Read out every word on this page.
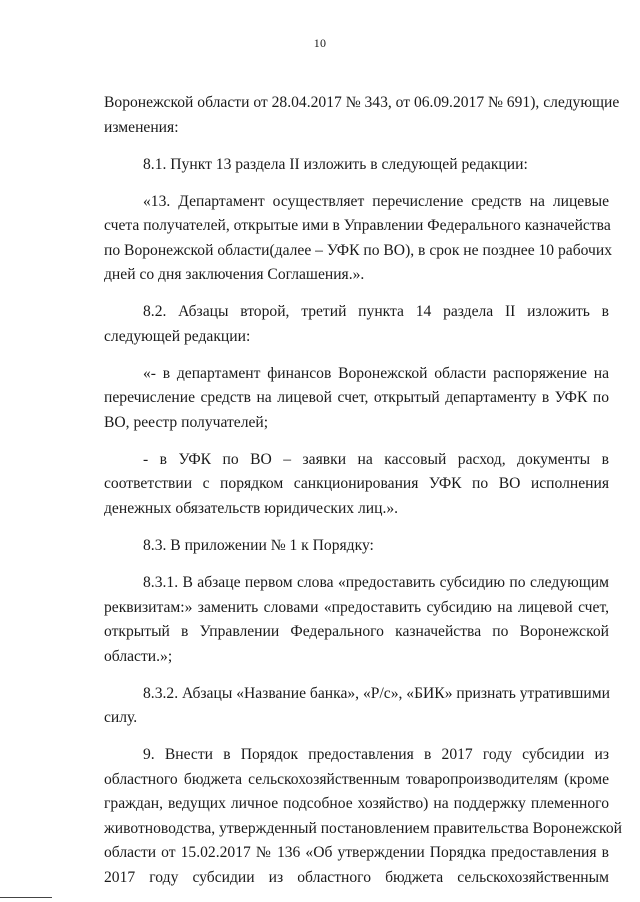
10
Воронежской области от 28.04.2017 № 343, от 06.09.2017 № 691), следующие
изменения:
8.1. Пункт 13 раздела II изложить в следующей редакции:
«13. Департамент осуществляет перечисление средств на лицевые
счета получателей, открытые ими в Управлении Федерального казначейства
по Воронежской области(далее – УФК по ВО), в срок не позднее 10 рабочих
дней со дня заключения Соглашения.».
8.2. Абзацы второй, третий пункта 14 раздела II изложить в
следующей редакции:
«- в департамент финансов Воронежской области распоряжение на
перечисление средств на лицевой счет, открытый департаменту в УФК по
ВО, реестр получателей;
- в УФК по ВО – заявки на кассовый расход, документы в
соответствии с порядком санкционирования УФК по ВО исполнения
денежных обязательств юридических лиц.».
8.3. В приложении № 1 к Порядку:
8.3.1. В абзаце первом слова «предоставить субсидию по следующим
реквизитам:» заменить словами «предоставить субсидию на лицевой счет,
открытый в Управлении Федерального казначейства по Воронежской
области.»;
8.3.2. Абзацы «Название банка», «Р/с», «БИК» признать утратившими
силу.
9. Внести в Порядок предоставления в 2017 году субсидии из
областного бюджета сельскохозяйственным товаропроизводителям (кроме
граждан, ведущих личное подсобное хозяйство) на поддержку племенного
животноводства, утвержденный постановлением правительства Воронежской
области от 15.02.2017 № 136 «Об утверждении Порядка предоставления в
2017 году субсидии из областного бюджета сельскохозяйственным
